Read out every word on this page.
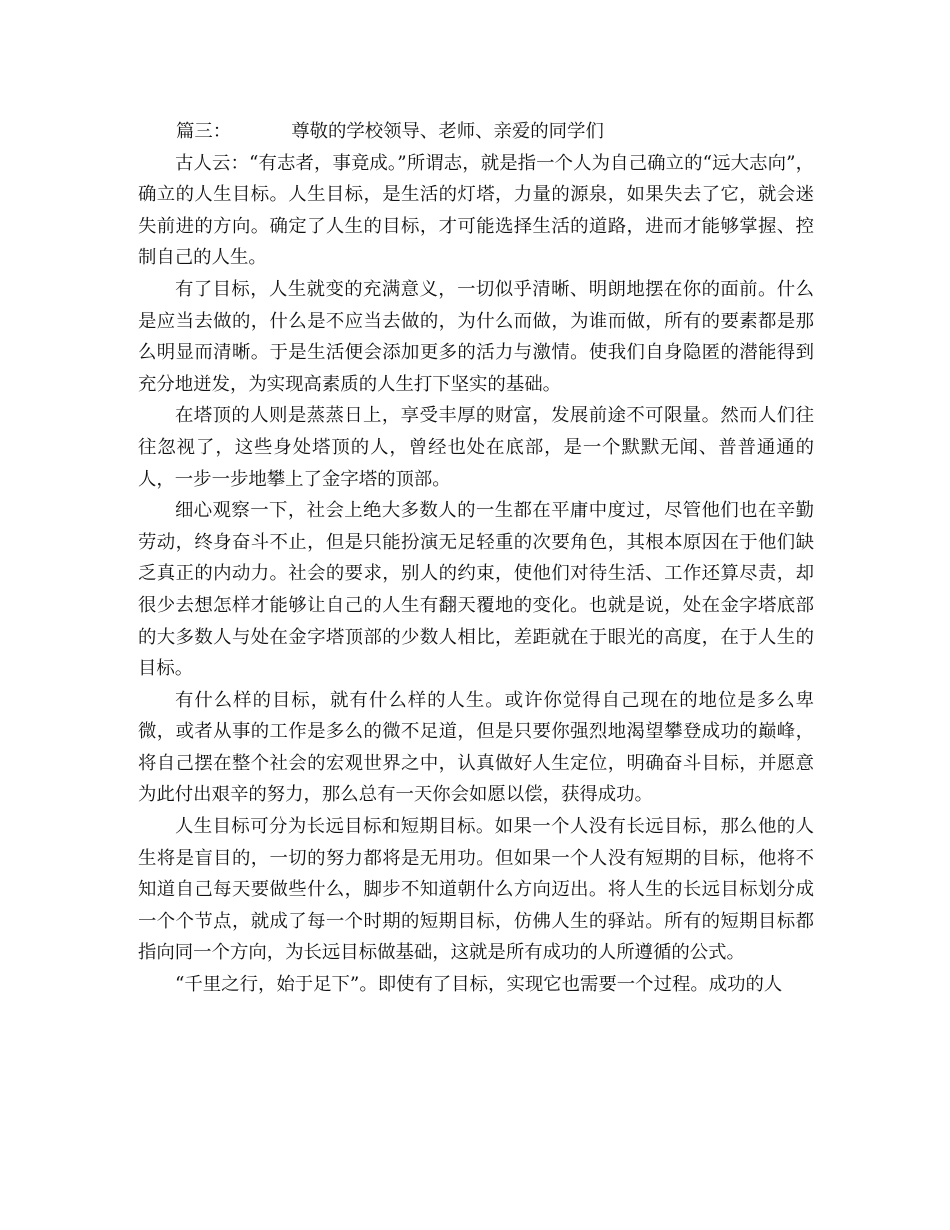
篇三：	尊敬的学校领导、老师、亲爱的同学们

古人云：“有志者，事竟成。”所谓志，就是指一个人为自己确立的“远大志向”，确立的人生目标。人生目标，是生活的灯塔，力量的源泉，如果失去了它，就会迷失前进的方向。确定了人生的目标，才可能选择生活的道路，进而才能够掌握、控制自己的人生。

有了目标，人生就变的充满意义，一切似乎清晰、明朗地摆在你的面前。什么是应当去做的，什么是不应当去做的，为什么而做，为谁而做，所有的要素都是那么明显而清晰。于是生活便会添加更多的活力与激情。使我们自身隐匿的潜能得到充分地迸发，为实现高素质的人生打下坚实的基础。

在塔顶的人则是蒸蒸日上，享受丰厚的财富，发展前途不可限量。然而人们往往忽视了，这些身处塔顶的人，曾经也处在底部，是一个默默无闻、普普通通的人，一步一步地攀上了金字塔的顶部。

细心观察一下，社会上绝大多数人的一生都在平庸中度过，尽管他们也在辛勤劳动，终身奋斗不止，但是只能扮演无足轻重的次要角色，其根本原因在于他们缺乏真正的内动力。社会的要求，别人的约束，使他们对待生活、工作还算尽责，却很少去想怎样才能够让自己的人生有翻天覆地的变化。也就是说，处在金字塔底部的大多数人与处在金字塔顶部的少数人相比，差距就在于眼光的高度，在于人生的目标。

有什么样的目标，就有什么样的人生。或许你觉得自己现在的地位是多么卑微，或者从事的工作是多么的微不足道，但是只要你强烈地渴望攀登成功的巅峰，将自己摆在整个社会的宏观世界之中，认真做好人生定位，明确奋斗目标，并愿意为此付出艰辛的努力，那么总有一天你会如愿以偿，获得成功。

人生目标可分为长远目标和短期目标。如果一个人没有长远目标，那么他的人生将是盲目的，一切的努力都将是无用功。但如果一个人没有短期的目标，他将不知道自己每天要做些什么，脚步不知道朝什么方向迈出。将人生的长远目标划分成一个个节点，就成了每一个时期的短期目标，仿佛人生的驿站。所有的短期目标都指向同一个方向，为长远目标做基础，这就是所有成功的人所遵循的公式。

“千里之行，始于足下”。即使有了目标，实现它也需要一个过程。成功的人
